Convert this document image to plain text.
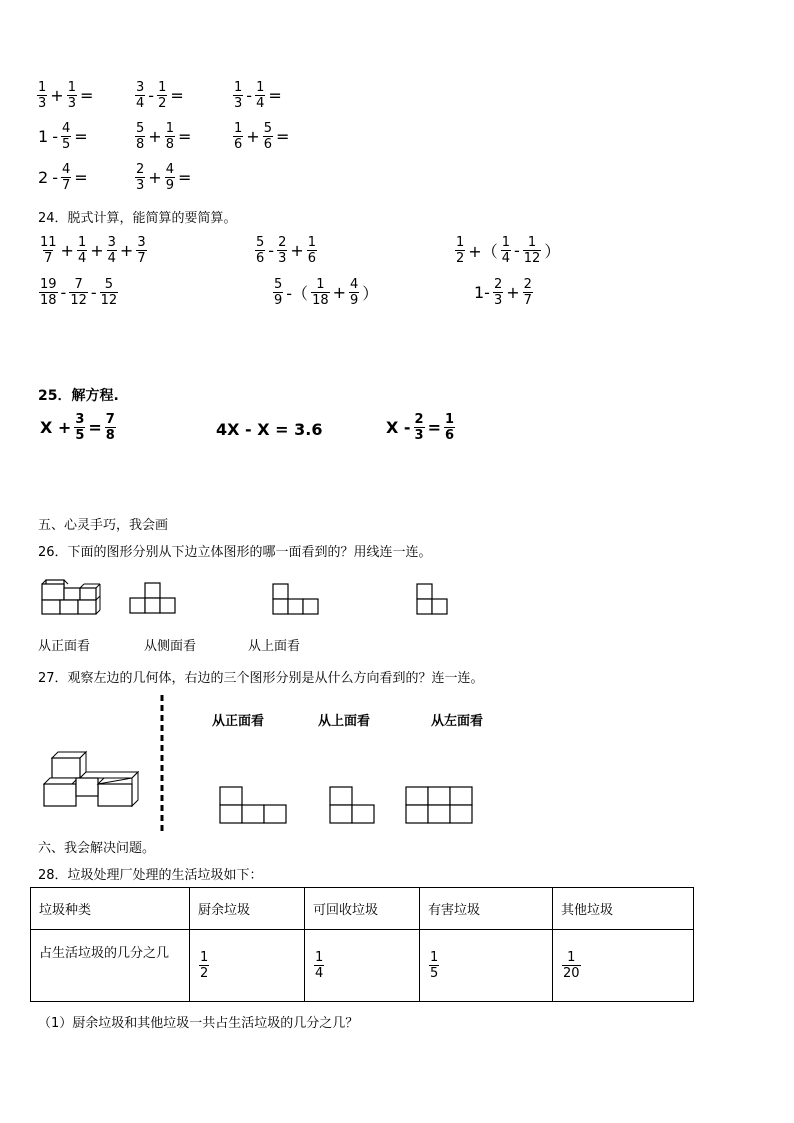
$\frac{1}{3} + \frac{1}{3}$ =	$\frac{3}{4} - \frac{1}{2}$ =	$\frac{1}{3} - \frac{1}{4}$ =
$1 - \frac{4}{5}$ =	$\frac{5}{8} + \frac{1}{8}$ =	$\frac{1}{6} + \frac{5}{6}$ =
$2 - \frac{4}{7}$ =	$\frac{2}{3} + \frac{4}{9}$ =
24．脱式计算，能简算的要简算。
$\frac{11}{7} + \frac{1}{4} + \frac{3}{4} + \frac{3}{7}$	$\frac{5}{6} - \frac{2}{3} + \frac{1}{6}$	$\frac{1}{2}$ +（ $\frac{1}{4} - \frac{1}{12}$ ）
$\frac{19}{18} - \frac{7}{12} - \frac{5}{12}$	$\frac{5}{9}$ -（ $\frac{1}{18} + \frac{4}{9}$ ）	$1- \frac{2}{3} + \frac{2}{7}$
25．解方程.
$X + \frac{3}{5} = \frac{7}{8}$	4X - X = 3.6	$X - \frac{2}{3} = \frac{1}{6}$
五、心灵手巧，我会画
26．下面的图形分别从下边立体图形的哪一面看到的？用线连一连。
从正面看	从侧面看	从上面看
27．观察左边的几何体，右边的三个图形分别是从什么方向看到的？连一连。
从正面看	从上面看	从左面看
六、我会解决问题。
28．垃圾处理厂处理的生活垃圾如下：
垃圾种类	厨余垃圾	可回收垃圾	有害垃圾	其他垃圾
占生活垃圾的几分之几	$\frac{1}{2}$	$\frac{1}{4}$	$\frac{1}{5}$	$\frac{1}{20}$
（1）厨余垃圾和其他垃圾一共占生活垃圾的几分之几？
